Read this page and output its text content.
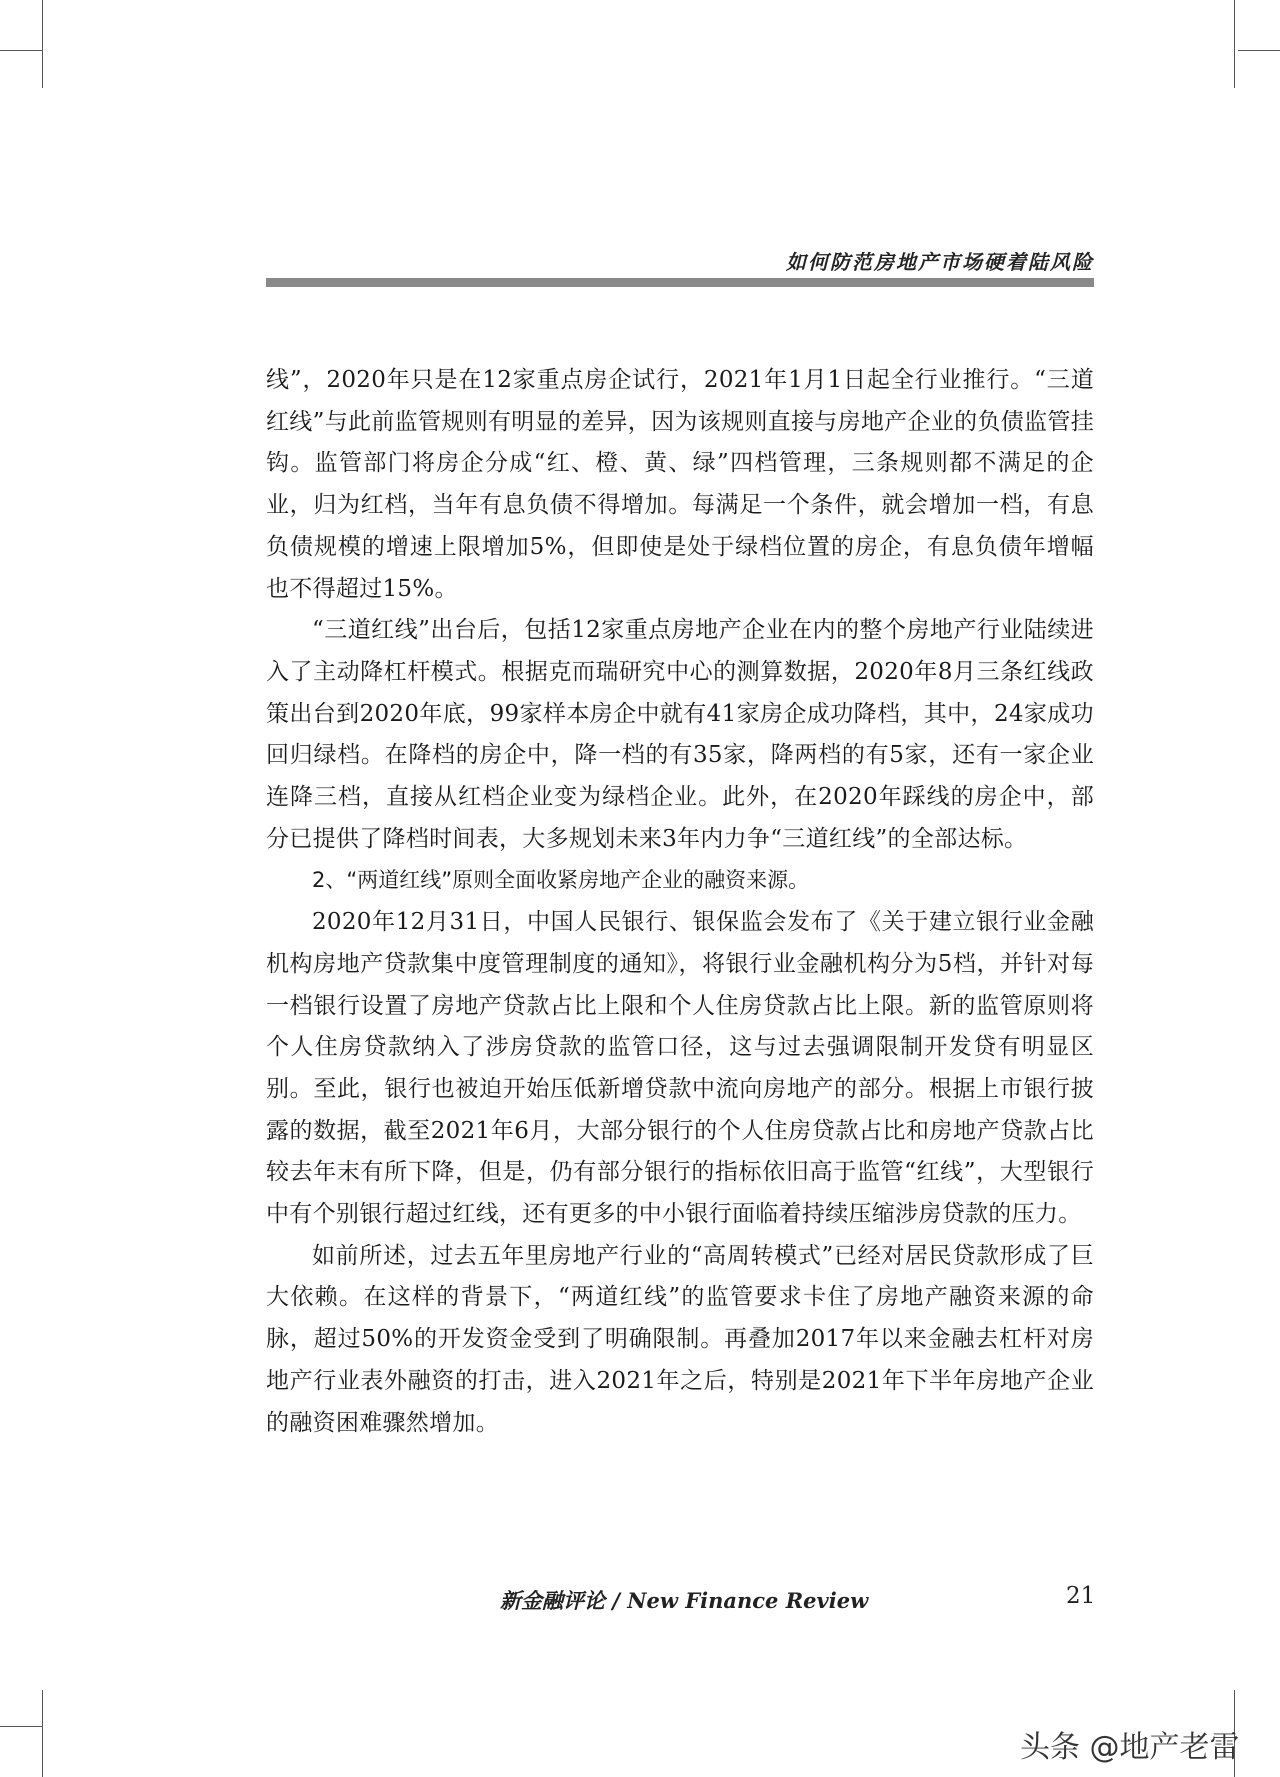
如何防范房地产市场硬着陆风险

线”，2020年只是在12家重点房企试行，2021年1月1日起全行业推行。“三道红线”与此前监管规则有明显的差异，因为该规则直接与房地产企业的负债监管挂钩。监管部门将房企分成“红、橙、黄、绿”四档管理，三条规则都不满足的企业，归为红档，当年有息负债不得增加。每满足一个条件，就会增加一档，有息负债规模的增速上限增加5%，但即使是处于绿档位置的房企，有息负债年增幅也不得超过15%。

“三道红线”出台后，包括12家重点房地产企业在内的整个房地产行业陆续进入了主动降杠杆模式。根据克而瑞研究中心的测算数据，2020年8月三条红线政策出台到2020年底，99家样本房企中就有41家房企成功降档，其中，24家成功回归绿档。在降档的房企中，降一档的有35家，降两档的有5家，还有一家企业连降三档，直接从红档企业变为绿档企业。此外，在2020年踩线的房企中，部分已提供了降档时间表，大多规划未来3年内力争“三道红线”的全部达标。

2、“两道红线”原则全面收紧房地产企业的融资来源。

2020年12月31日，中国人民银行、银保监会发布了《关于建立银行业金融机构房地产贷款集中度管理制度的通知》，将银行业金融机构分为5档，并针对每一档银行设置了房地产贷款占比上限和个人住房贷款占比上限。新的监管原则将个人住房贷款纳入了涉房贷款的监管口径，这与过去强调限制开发贷有明显区别。至此，银行也被迫开始压低新增贷款中流向房地产的部分。根据上市银行披露的数据，截至2021年6月，大部分银行的个人住房贷款占比和房地产贷款占比较去年末有所下降，但是，仍有部分银行的指标依旧高于监管“红线”，大型银行中有个别银行超过红线，还有更多的中小银行面临着持续压缩涉房贷款的压力。

如前所述，过去五年里房地产行业的“高周转模式”已经对居民贷款形成了巨大依赖。在这样的背景下，“两道红线”的监管要求卡住了房地产融资来源的命脉，超过50%的开发资金受到了明确限制。再叠加2017年以来金融去杠杆对房地产行业表外融资的打击，进入2021年之后，特别是2021年下半年房地产企业的融资困难骤然增加。

新金融评论 / New Finance Review	21
头条 @地产老雷
